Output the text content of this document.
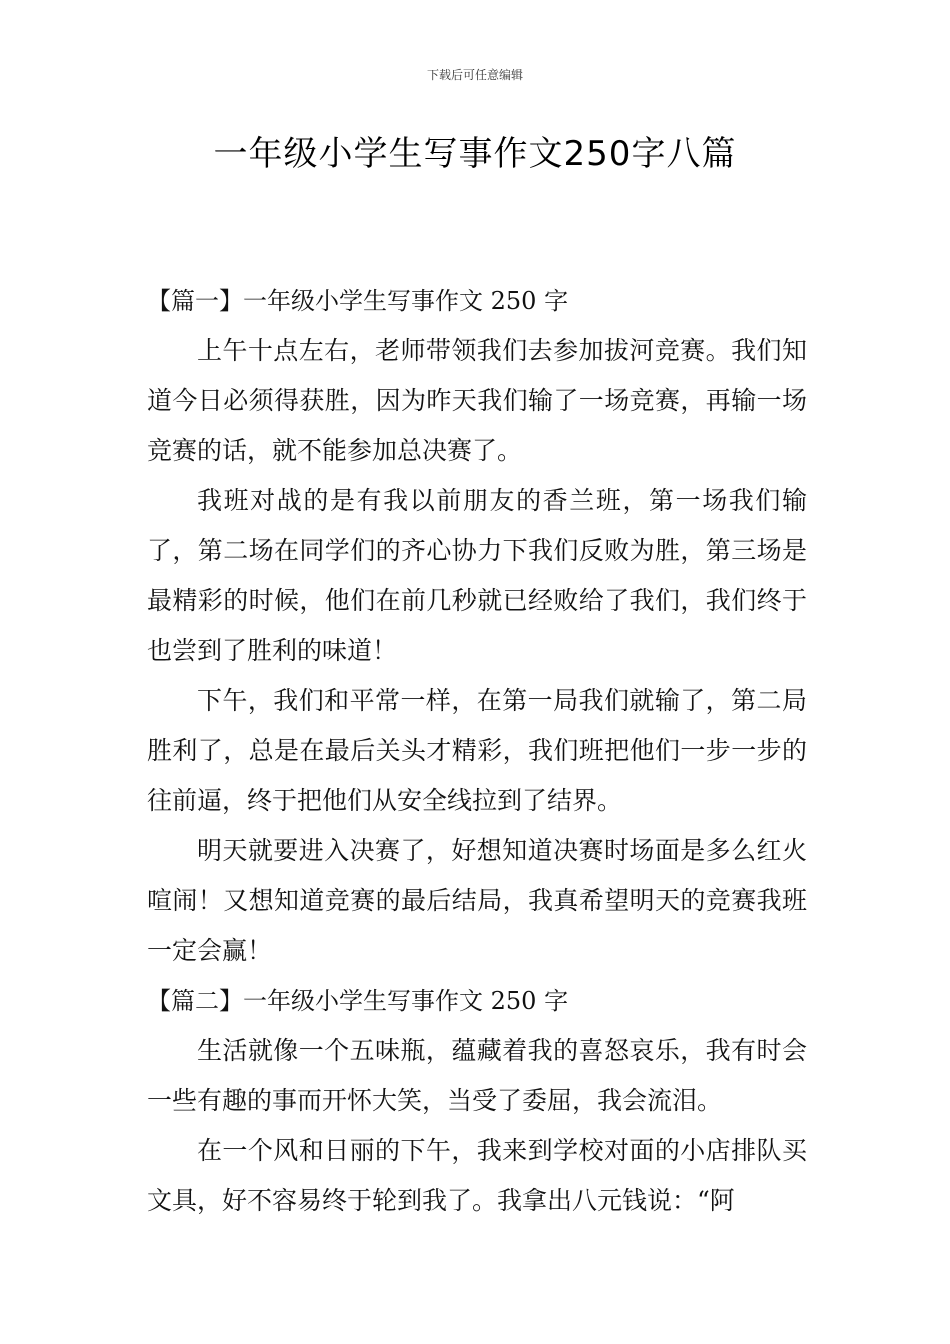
下载后可任意编辑
一年级小学生写事作文250字八篇

【篇一】一年级小学生写事作文 250 字

上午十点左右，老师带领我们去参加拔河竞赛。我们知道今日必须得获胜，因为昨天我们输了一场竞赛，再输一场竞赛的话，就不能参加总决赛了。

我班对战的是有我以前朋友的香兰班，第一场我们输了，第二场在同学们的齐心协力下我们反败为胜，第三场是最精彩的时候，他们在前几秒就已经败给了我们，我们终于也尝到了胜利的味道！

下午，我们和平常一样，在第一局我们就输了，第二局胜利了，总是在最后关头才精彩，我们班把他们一步一步的往前逼，终于把他们从安全线拉到了结界。

明天就要进入决赛了，好想知道决赛时场面是多么红火喧闹！又想知道竞赛的最后结局，我真希望明天的竞赛我班一定会赢！

【篇二】一年级小学生写事作文 250 字

生活就像一个五味瓶，蕴藏着我的喜怒哀乐，我有时会一些有趣的事而开怀大笑，当受了委屈，我会流泪。

在一个风和日丽的下午，我来到学校对面的小店排队买文具，好不容易终于轮到我了。我拿出八元钱说：“阿
